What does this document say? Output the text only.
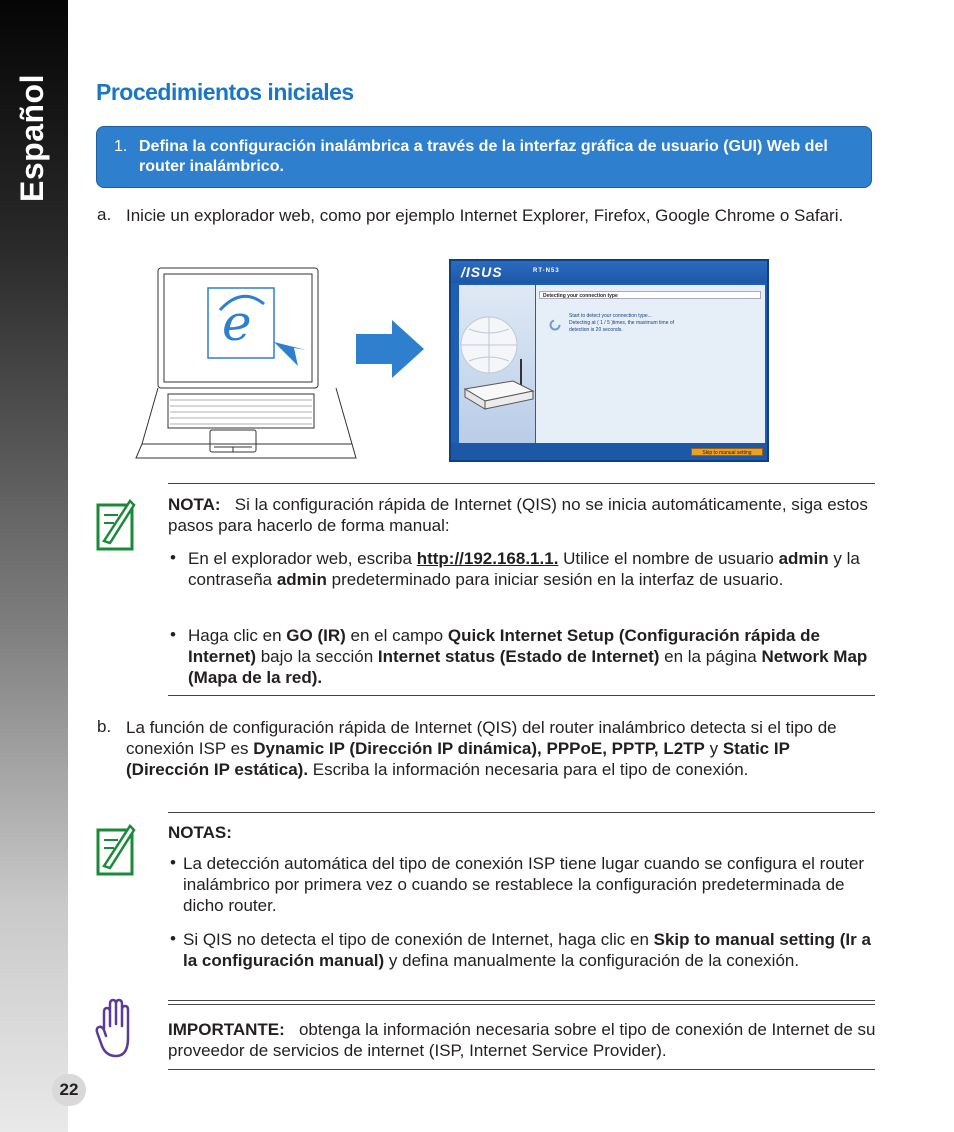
Español
22
Procedimientos iniciales
1. Defina la configuración inalámbrica a través de la interfaz gráfica de usuario (GUI) Web del router inalámbrico.
a. Inicie un explorador web, como por ejemplo Internet Explorer, Firefox, Google Chrome o Safari.
e
/ISUS	RT-N53
Detecting your connection type
Start to detect your connection type...
Detecting at ( 1 / 5 )times, the maximum time of
detection is 20 seconds.
Skip to manual setting
NOTA: Si la configuración rápida de Internet (QIS) no se inicia automáticamente, siga estos pasos para hacerlo de forma manual:
• En el explorador web, escriba http://192.168.1.1. Utilice el nombre de usuario admin y la contraseña admin predeterminado para iniciar sesión en la interfaz de usuario.
• Haga clic en GO (IR) en el campo Quick Internet Setup (Configuración rápida de Internet) bajo la sección Internet status (Estado de Internet) en la página Network Map (Mapa de la red).
b. La función de configuración rápida de Internet (QIS) del router inalámbrico detecta si el tipo de conexión ISP es Dynamic IP (Dirección IP dinámica), PPPoE, PPTP, L2TP y Static IP (Dirección IP estática). Escriba la información necesaria para el tipo de conexión.
NOTAS:
• La detección automática del tipo de conexión ISP tiene lugar cuando se configura el router inalámbrico por primera vez o cuando se restablece la configuración predeterminada de dicho router.
• Si QIS no detecta el tipo de conexión de Internet, haga clic en Skip to manual setting (Ir a la configuración manual) y defina manualmente la configuración de la conexión.
IMPORTANTE: obtenga la información necesaria sobre el tipo de conexión de Internet de su proveedor de servicios de internet (ISP, Internet Service Provider).
